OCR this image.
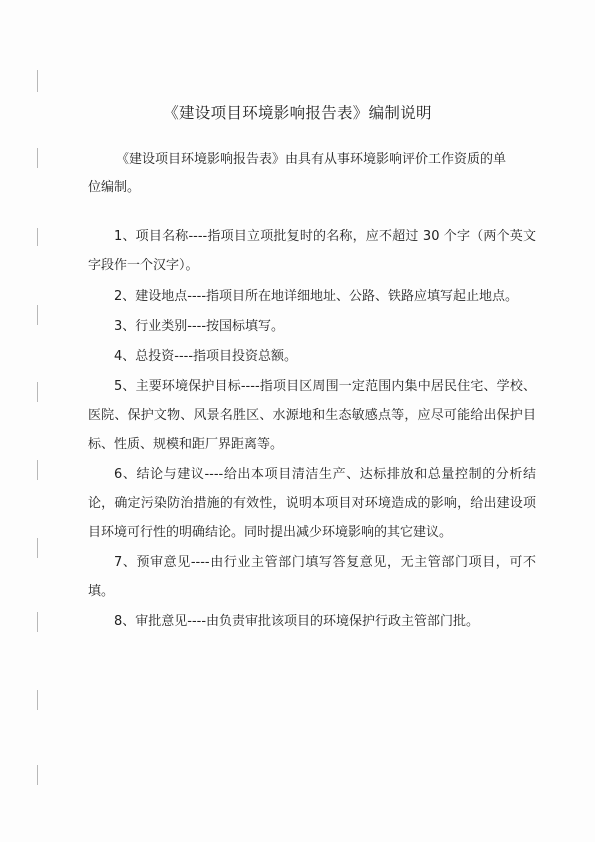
《建设项目环境影响报告表》编制说明
《建设项目环境影响报告表》由具有从事环境影响评价工作资质的单
位编制。

1、项目名称----指项目立项批复时的名称，应不超过 30 个字（两个英文字段作一个汉字）。

2、建设地点----指项目所在地详细地址、公路、铁路应填写起止地点。

3、行业类别----按国标填写。

4、总投资----指项目投资总额。

5、主要环境保护目标----指项目区周围一定范围内集中居民住宅、学校、医院、保护文物、风景名胜区、水源地和生态敏感点等，应尽可能给出保护目标、性质、规模和距厂界距离等。

6、结论与建议----给出本项目清洁生产、达标排放和总量控制的分析结论，确定污染防治措施的有效性，说明本项目对环境造成的影响，给出建设项目环境可行性的明确结论。同时提出减少环境影响的其它建议。

7、预审意见----由行业主管部门填写答复意见，无主管部门项目，可不填。

8、审批意见----由负责审批该项目的环境保护行政主管部门批。
